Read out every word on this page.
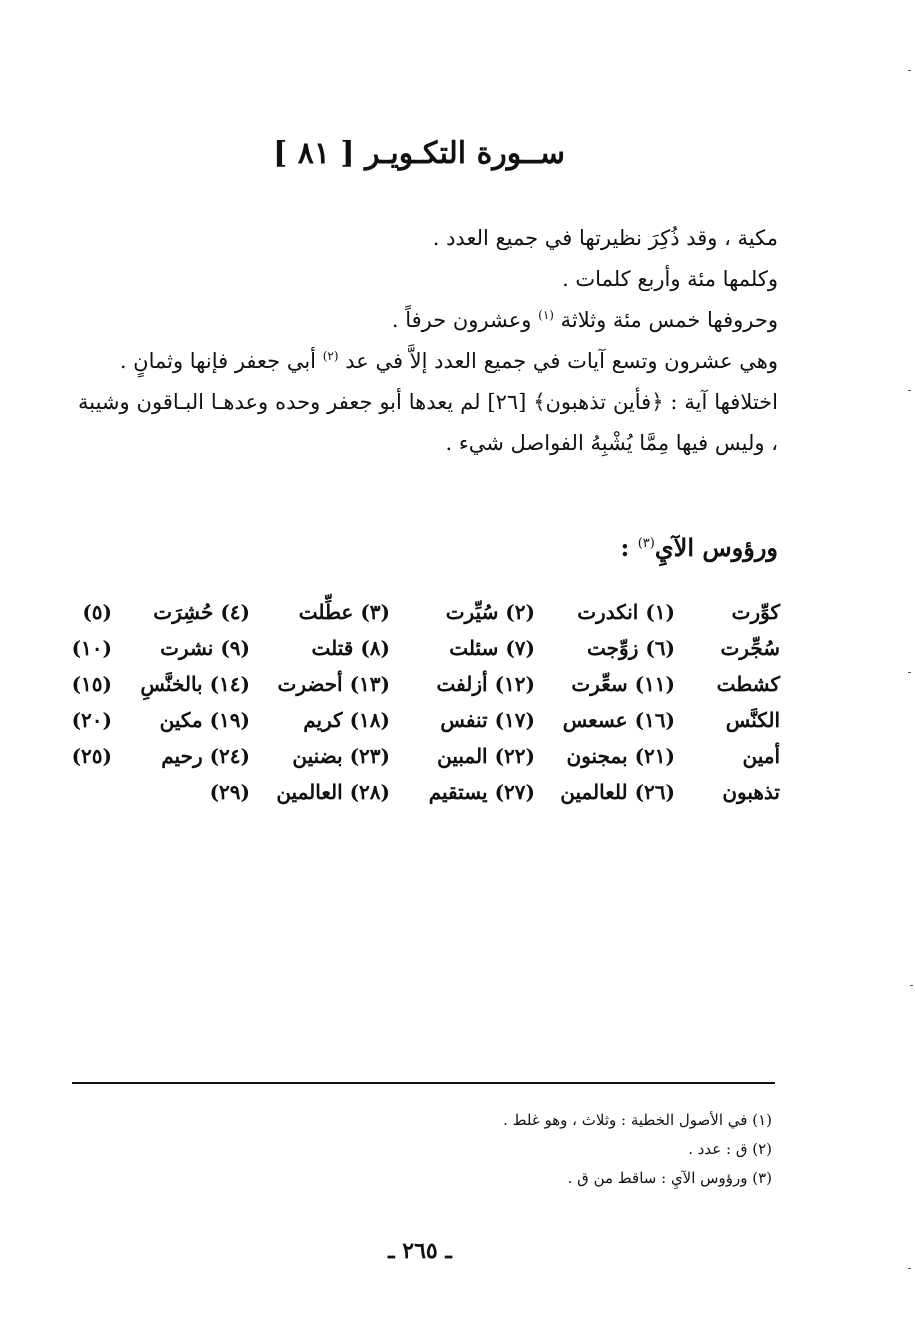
ســورة التكـويـر [ ٨١ ]

مكية ، وقد ذُكِرَ نظيرتها في جميع العدد .

وكلمها مئة وأربع كلمات .

وحروفها خمس مئة وثلاثة $^{(١)}$ وعشرون حرفاً .

وهي عشرون وتسع آيات في جميع العدد إلاَّ في عد $^{(٢)}$ أبي جعفر فإنها وثمانٍ .

اختلافها آية : ﴿فأين تذهبون﴾ [٢٦] لم يعدها أبو جعفر وحده وعدهـا البـاقون وشيبة ، وليس فيها مِمَّا يُشْبِهُ الفواصل شيء .

ورؤوس الآيِ$^{(٣)}$ :
كوِّرت
(١) انكدرت
(٢) سُيِّرت
(٣) عطِّلت
(٤) حُشِرَت
(٥)
سُجِّرت
(٦) زوِّجت
(٧) سئلت
(٨) قتلت
(٩) نشرت
(١٠)
كشطت
(١١) سعِّرت
(١٢) أزلفت
(١٣) أحضرت
(١٤) بالخنَّسِ
(١٥)
الكنَّس
(١٦) عسعس
(١٧) تنفس
(١٨) كريم
(١٩) مكين
(٢٠)
أمين
(٢١) بمجنون
(٢٢) المبين
(٢٣) بضنين
(٢٤) رحيم
(٢٥)
تذهبون
(٢٦) للعالمين
(٢٧) يستقيم
(٢٨) العالمين
(٢٩)

(١) في الأصول الخطية : وثلاث ، وهو غلط .

(٢) ق : عدد .

(٣) ورؤوس الآيِ : ساقط من ق .

ـ ٢٦٥ ـ
